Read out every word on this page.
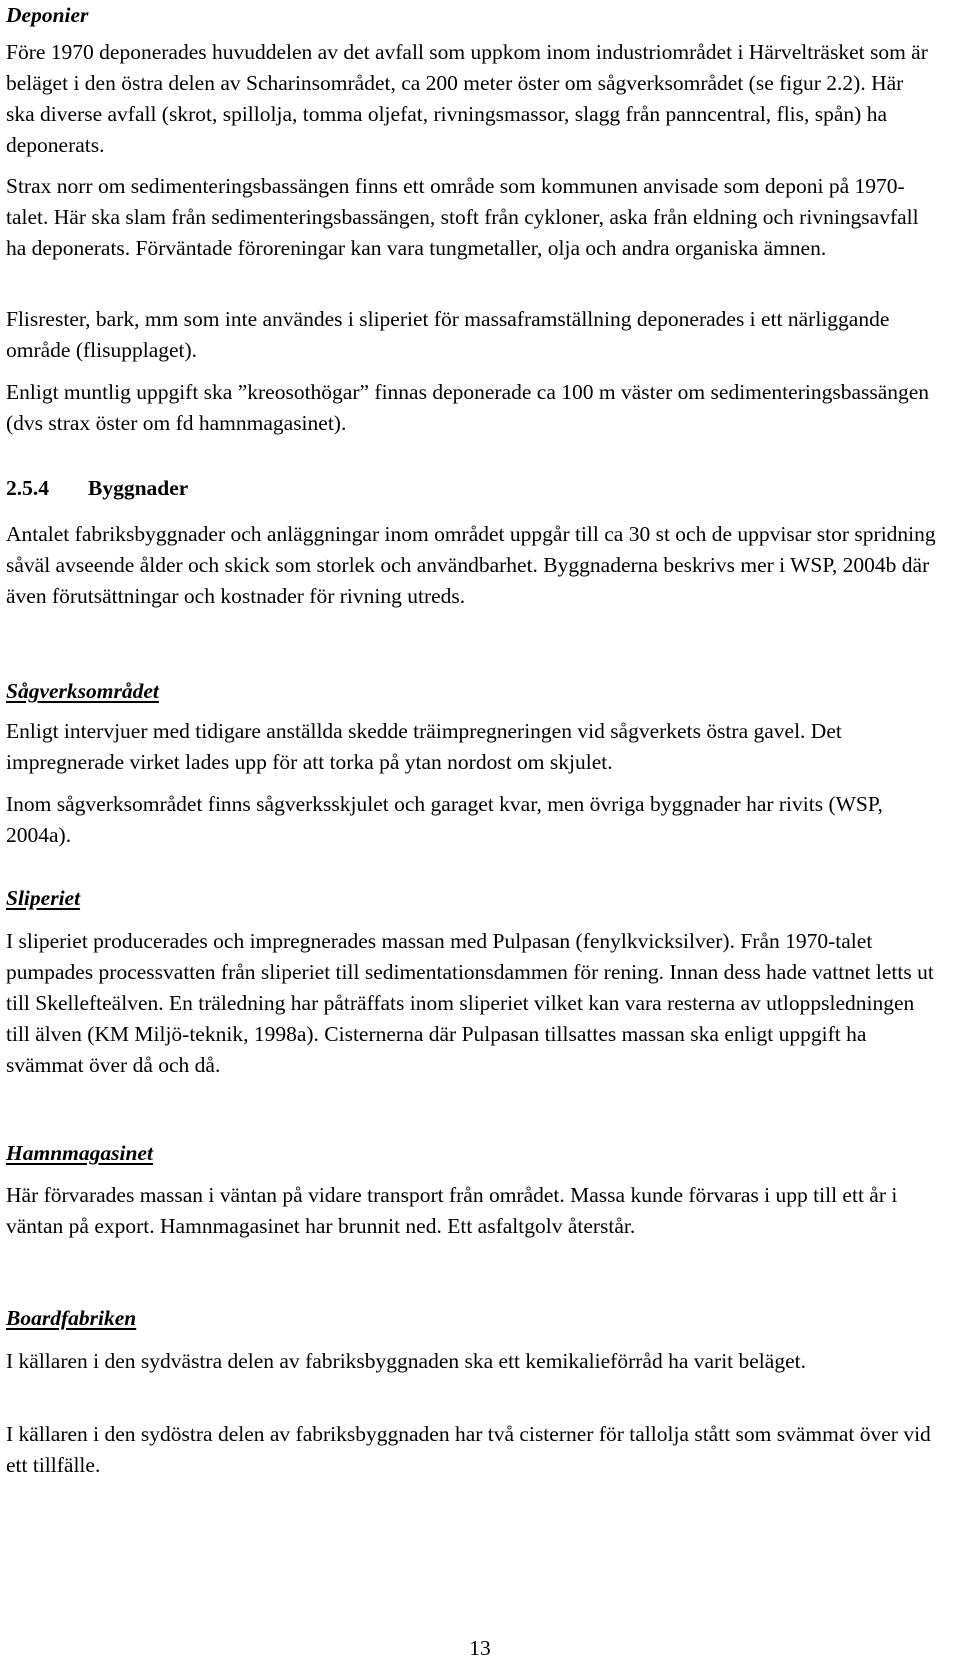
Deponier

Före 1970 deponerades huvuddelen av det avfall som uppkom inom industriområdet i Härvelträsket som är beläget i den östra delen av Scharinsområdet, ca 200 meter öster om sågverksområdet (se figur 2.2). Här ska diverse avfall (skrot, spillolja, tomma oljefat, rivningsmassor, slagg från panncentral, flis, spån) ha deponerats.

Strax norr om sedimenteringsbassängen finns ett område som kommunen anvisade som deponi på 1970-talet. Här ska slam från sedimenteringsbassängen, stoft från cykloner, aska från eldning och rivningsavfall ha deponerats. Förväntade föroreningar kan vara tungmetaller, olja och andra organiska ämnen.

Flisrester, bark, mm som inte användes i sliperiet för massaframställning deponerades i ett närliggande område (flisupplaget).

Enligt muntlig uppgift ska ”kreosothögar” finnas deponerade ca 100 m väster om sedimenteringsbassängen (dvs strax öster om fd hamnmagasinet).

2.5.4	Byggnader

Antalet fabriksbyggnader och anläggningar inom området uppgår till ca 30 st och de uppvisar stor spridning såväl avseende ålder och skick som storlek och användbarhet. Byggnaderna beskrivs mer i WSP, 2004b där även förutsättningar och kostnader för rivning utreds.

Sågverksområdet

Enligt intervjuer med tidigare anställda skedde träimpregneringen vid sågverkets östra gavel. Det impregnerade virket lades upp för att torka på ytan nordost om skjulet.

Inom sågverksområdet finns sågverksskjulet och garaget kvar, men övriga byggnader har rivits (WSP, 2004a).

Sliperiet

I sliperiet producerades och impregnerades massan med Pulpasan (fenylkvicksilver). Från 1970-talet pumpades processvatten från sliperiet till sedimentationsdammen för rening. Innan dess hade vattnet letts ut till Skellefteälven. En träledning har påträffats inom sliperiet vilket kan vara resterna av utloppsledningen till älven (KM Miljö-teknik, 1998a). Cisternerna där Pulpasan tillsattes massan ska enligt uppgift ha svämmat över då och då.

Hamnmagasinet

Här förvarades massan i väntan på vidare transport från området. Massa kunde förvaras i upp till ett år i väntan på export. Hamnmagasinet har brunnit ned. Ett asfaltgolv återstår.

Boardfabriken

I källaren i den sydvästra delen av fabriksbyggnaden ska ett kemikalieförråd ha varit beläget.

I källaren i den sydöstra delen av fabriksbyggnaden har två cisterner för tallolja stått som svämmat över vid ett tillfälle.

13
